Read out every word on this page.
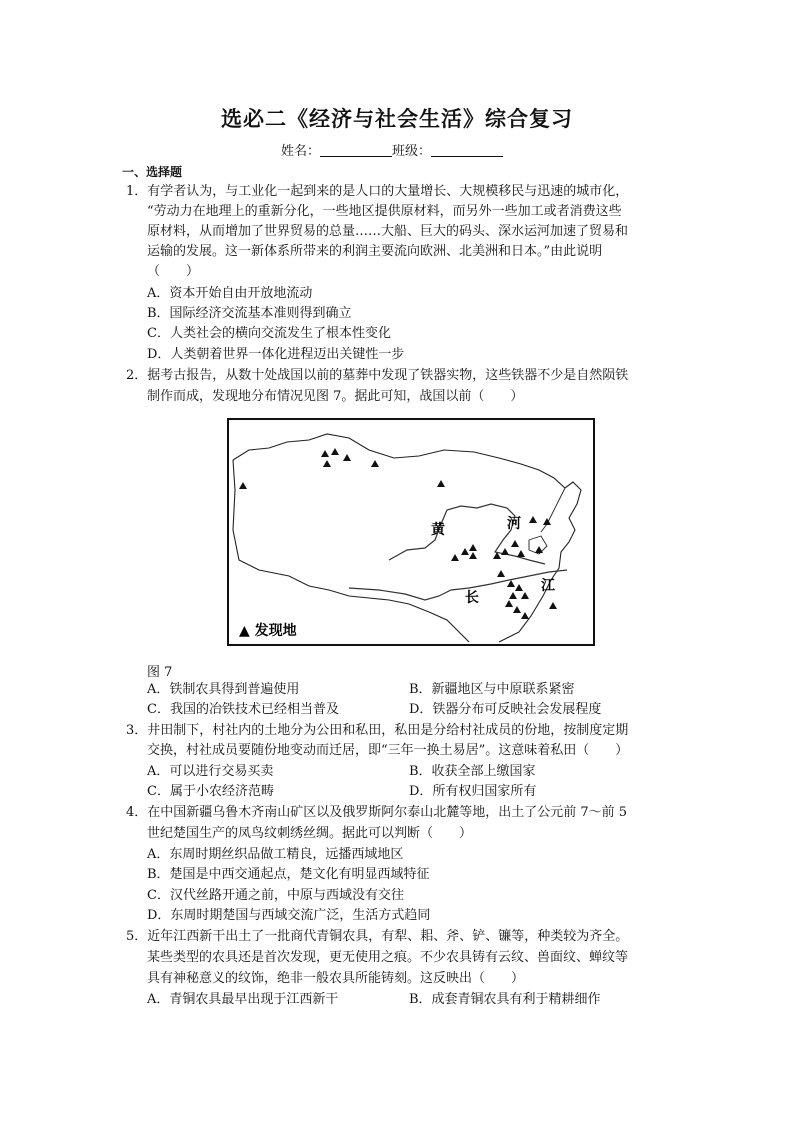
选必二《经济与社会生活》综合复习
姓名：	班级：
一、选择题
1．有学者认为，与工业化一起到来的是人口的大量增长、大规模移民与迅速的城市化，
“劳动力在地理上的重新分化，一些地区提供原材料，而另外一些加工或者消费这些
原材料，从而增加了世界贸易的总量……大船、巨大的码头、深水运河加速了贸易和
运输的发展。这一新体系所带来的利润主要流向欧洲、北美洲和日本。”由此说明
（　　）
A．资本开始自由开放地流动
B．国际经济交流基本准则得到确立
C．人类社会的横向交流发生了根本性变化
D．人类朝着世界一体化进程迈出关键性一步
2．据考古报告，从数十处战国以前的墓葬中发现了铁器实物，这些铁器不少是自然陨铁
制作而成，发现地分布情况见图 7。据此可知，战国以前（　　）
黄	河
长
江
▲ 发现地
图 7
A．铁制农具得到普遍使用	B．新疆地区与中原联系紧密
C．我国的冶铁技术已经相当普及	D．铁器分布可反映社会发展程度
3．井田制下，村社内的土地分为公田和私田，私田是分给村社成员的份地，按制度定期
交换，村社成员要随份地变动而迁居，即“三年一换土易居”。这意味着私田（　　）
A．可以进行交易买卖	B．收获全部上缴国家
C．属于小农经济范畴	D．所有权归国家所有
4．在中国新疆乌鲁木齐南山矿区以及俄罗斯阿尔泰山北麓等地，出土了公元前 7～前 5
世纪楚国生产的凤鸟纹刺绣丝绸。据此可以判断（　　）
A．东周时期丝织品做工精良，远播西域地区
B．楚国是中西交通起点，楚文化有明显西域特征
C．汉代丝路开通之前，中原与西域没有交往
D．东周时期楚国与西域交流广泛，生活方式趋同
5．近年江西新干出土了一批商代青铜农具，有犁、耜、斧、铲、镰等，种类较为齐全。
某些类型的农具还是首次发现，更无使用之痕。不少农具铸有云纹、兽面纹、蝉纹等
具有神秘意义的纹饰，绝非一般农具所能铸刻。这反映出（　　）
A．青铜农具最早出现于江西新干	B．成套青铜农具有利于精耕细作
